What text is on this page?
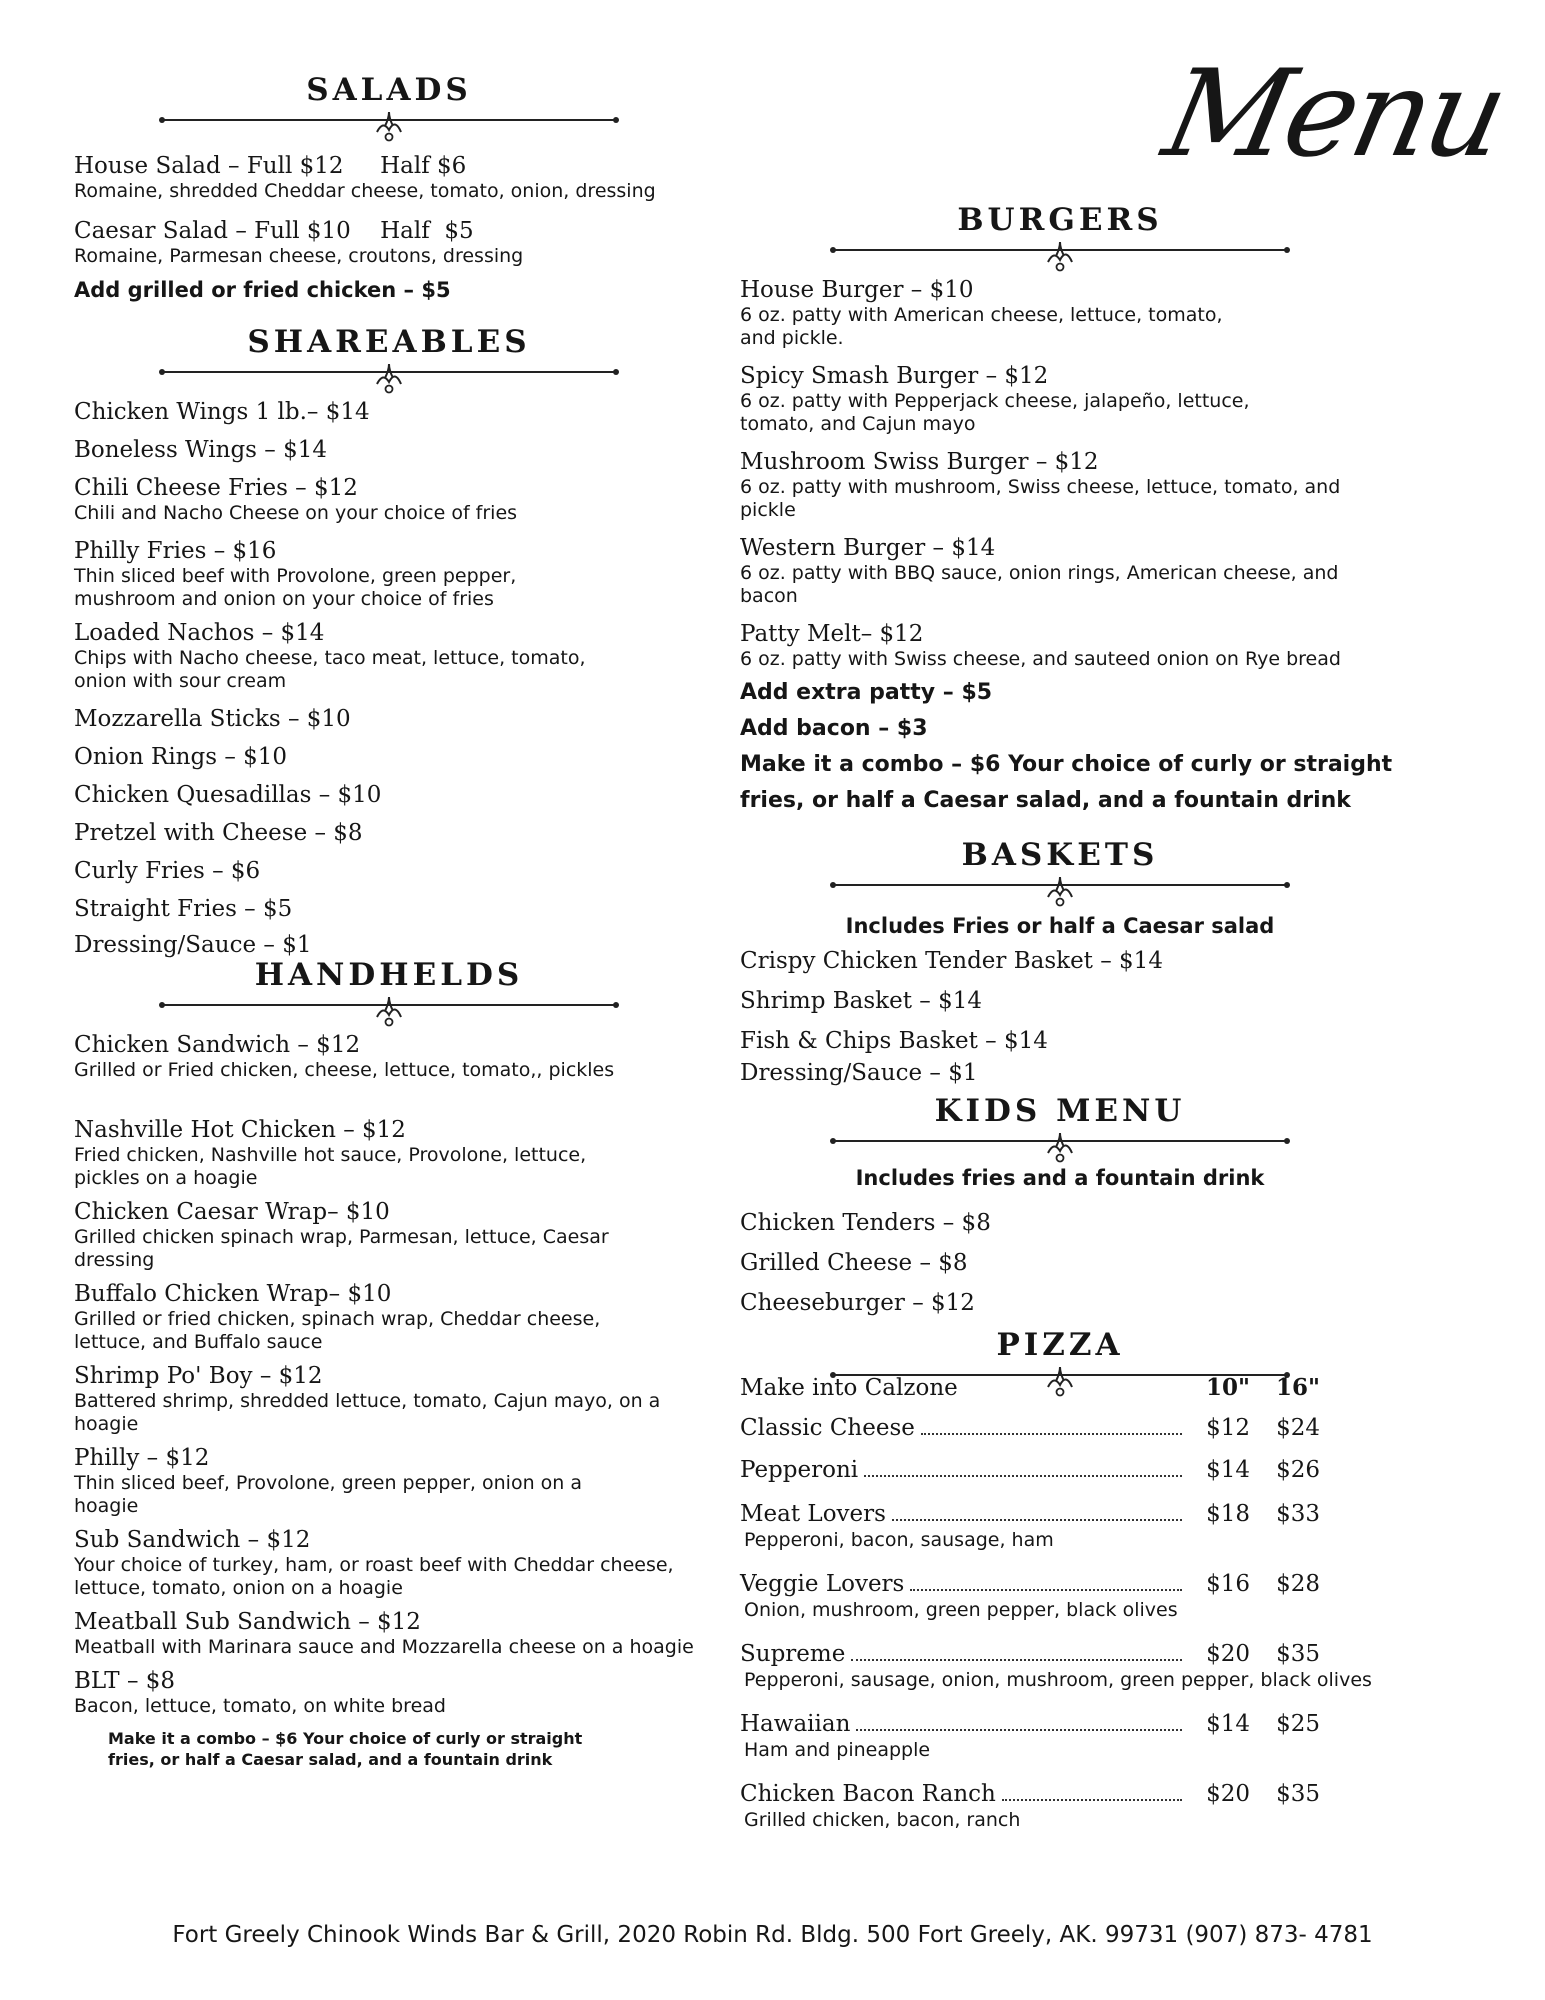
Menu
SALADS
House Salad – Full $12     Half $6
Romaine, shredded Cheddar cheese, tomato, onion, dressing
Caesar Salad – Full $10    Half  $5
Romaine, Parmesan cheese, croutons, dressing
Add grilled or fried chicken – $5
SHAREABLES
Chicken Wings 1 lb.– $14
Boneless Wings – $14
Chili Cheese Fries – $12
Chili and Nacho Cheese on your choice of fries
Philly Fries – $16
Thin sliced beef with Provolone, green pepper, mushroom and onion on your choice of fries
Loaded Nachos – $14
Chips with Nacho cheese, taco meat, lettuce, tomato, onion with sour cream
Mozzarella Sticks – $10
Onion Rings – $10
Chicken Quesadillas – $10
Pretzel with Cheese – $8
Curly Fries – $6
Straight Fries – $5
Dressing/Sauce – $1
HANDHELDS
Chicken Sandwich – $12
Grilled or Fried chicken, cheese, lettuce, tomato,, pickles
Nashville Hot Chicken – $12
Fried chicken, Nashville hot sauce, Provolone, lettuce, pickles on a hoagie
Chicken Caesar Wrap– $10
Grilled chicken spinach wrap, Parmesan, lettuce, Caesar dressing
Buffalo Chicken Wrap– $10
Grilled or fried chicken, spinach wrap, Cheddar cheese, lettuce, and Buffalo sauce
Shrimp Po' Boy – $12
Battered shrimp, shredded lettuce, tomato, Cajun mayo, on a hoagie
Philly – $12
Thin sliced beef, Provolone, green pepper, onion on a hoagie
Sub Sandwich – $12
Your choice of turkey, ham, or roast beef with Cheddar cheese, lettuce, tomato, onion on a hoagie
Meatball Sub Sandwich – $12
Meatball with Marinara sauce and Mozzarella cheese on a hoagie
BLT – $8
Bacon, lettuce, tomato, on white bread
Make it a combo – $6 Your choice of curly or straight fries, or half a Caesar salad, and a fountain drink
BURGERS
House Burger – $10
6 oz. patty with American cheese, lettuce, tomato, and pickle.
Spicy Smash Burger – $12
6 oz. patty with Pepperjack cheese, jalapeño, lettuce, tomato, and Cajun mayo
Mushroom Swiss Burger – $12
6 oz. patty with mushroom, Swiss cheese, lettuce, tomato, and pickle
Western Burger – $14
6 oz. patty with BBQ sauce, onion rings, American cheese, and bacon
Patty Melt– $12
6 oz. patty with Swiss cheese, and sauteed onion on Rye bread
Add extra patty – $5
Add bacon – $3
Make it a combo – $6 Your choice of curly or straight fries, or half a Caesar salad, and a fountain drink
BASKETS
Includes Fries or half a Caesar salad
Crispy Chicken Tender Basket – $14
Shrimp Basket – $14
Fish & Chips Basket – $14
Dressing/Sauce – $1
KIDS MENU
Includes fries and a fountain drink
Chicken Tenders – $8
Grilled Cheese – $8
Cheeseburger – $12
PIZZA
Make into Calzone	10"	16"
Classic Cheese	$12	$24
Pepperoni	$14	$26
Meat Lovers	$18	$33
Pepperoni, bacon, sausage, ham
Veggie Lovers	$16	$28
Onion, mushroom, green pepper, black olives
Supreme	$20	$35
Pepperoni, sausage, onion, mushroom, green pepper, black olives
Hawaiian	$14	$25
Ham and pineapple
Chicken Bacon Ranch	$20	$35
Grilled chicken, bacon, ranch
Fort Greely Chinook Winds Bar & Grill, 2020 Robin Rd. Bldg. 500 Fort Greely, AK. 99731 (907) 873- 4781
